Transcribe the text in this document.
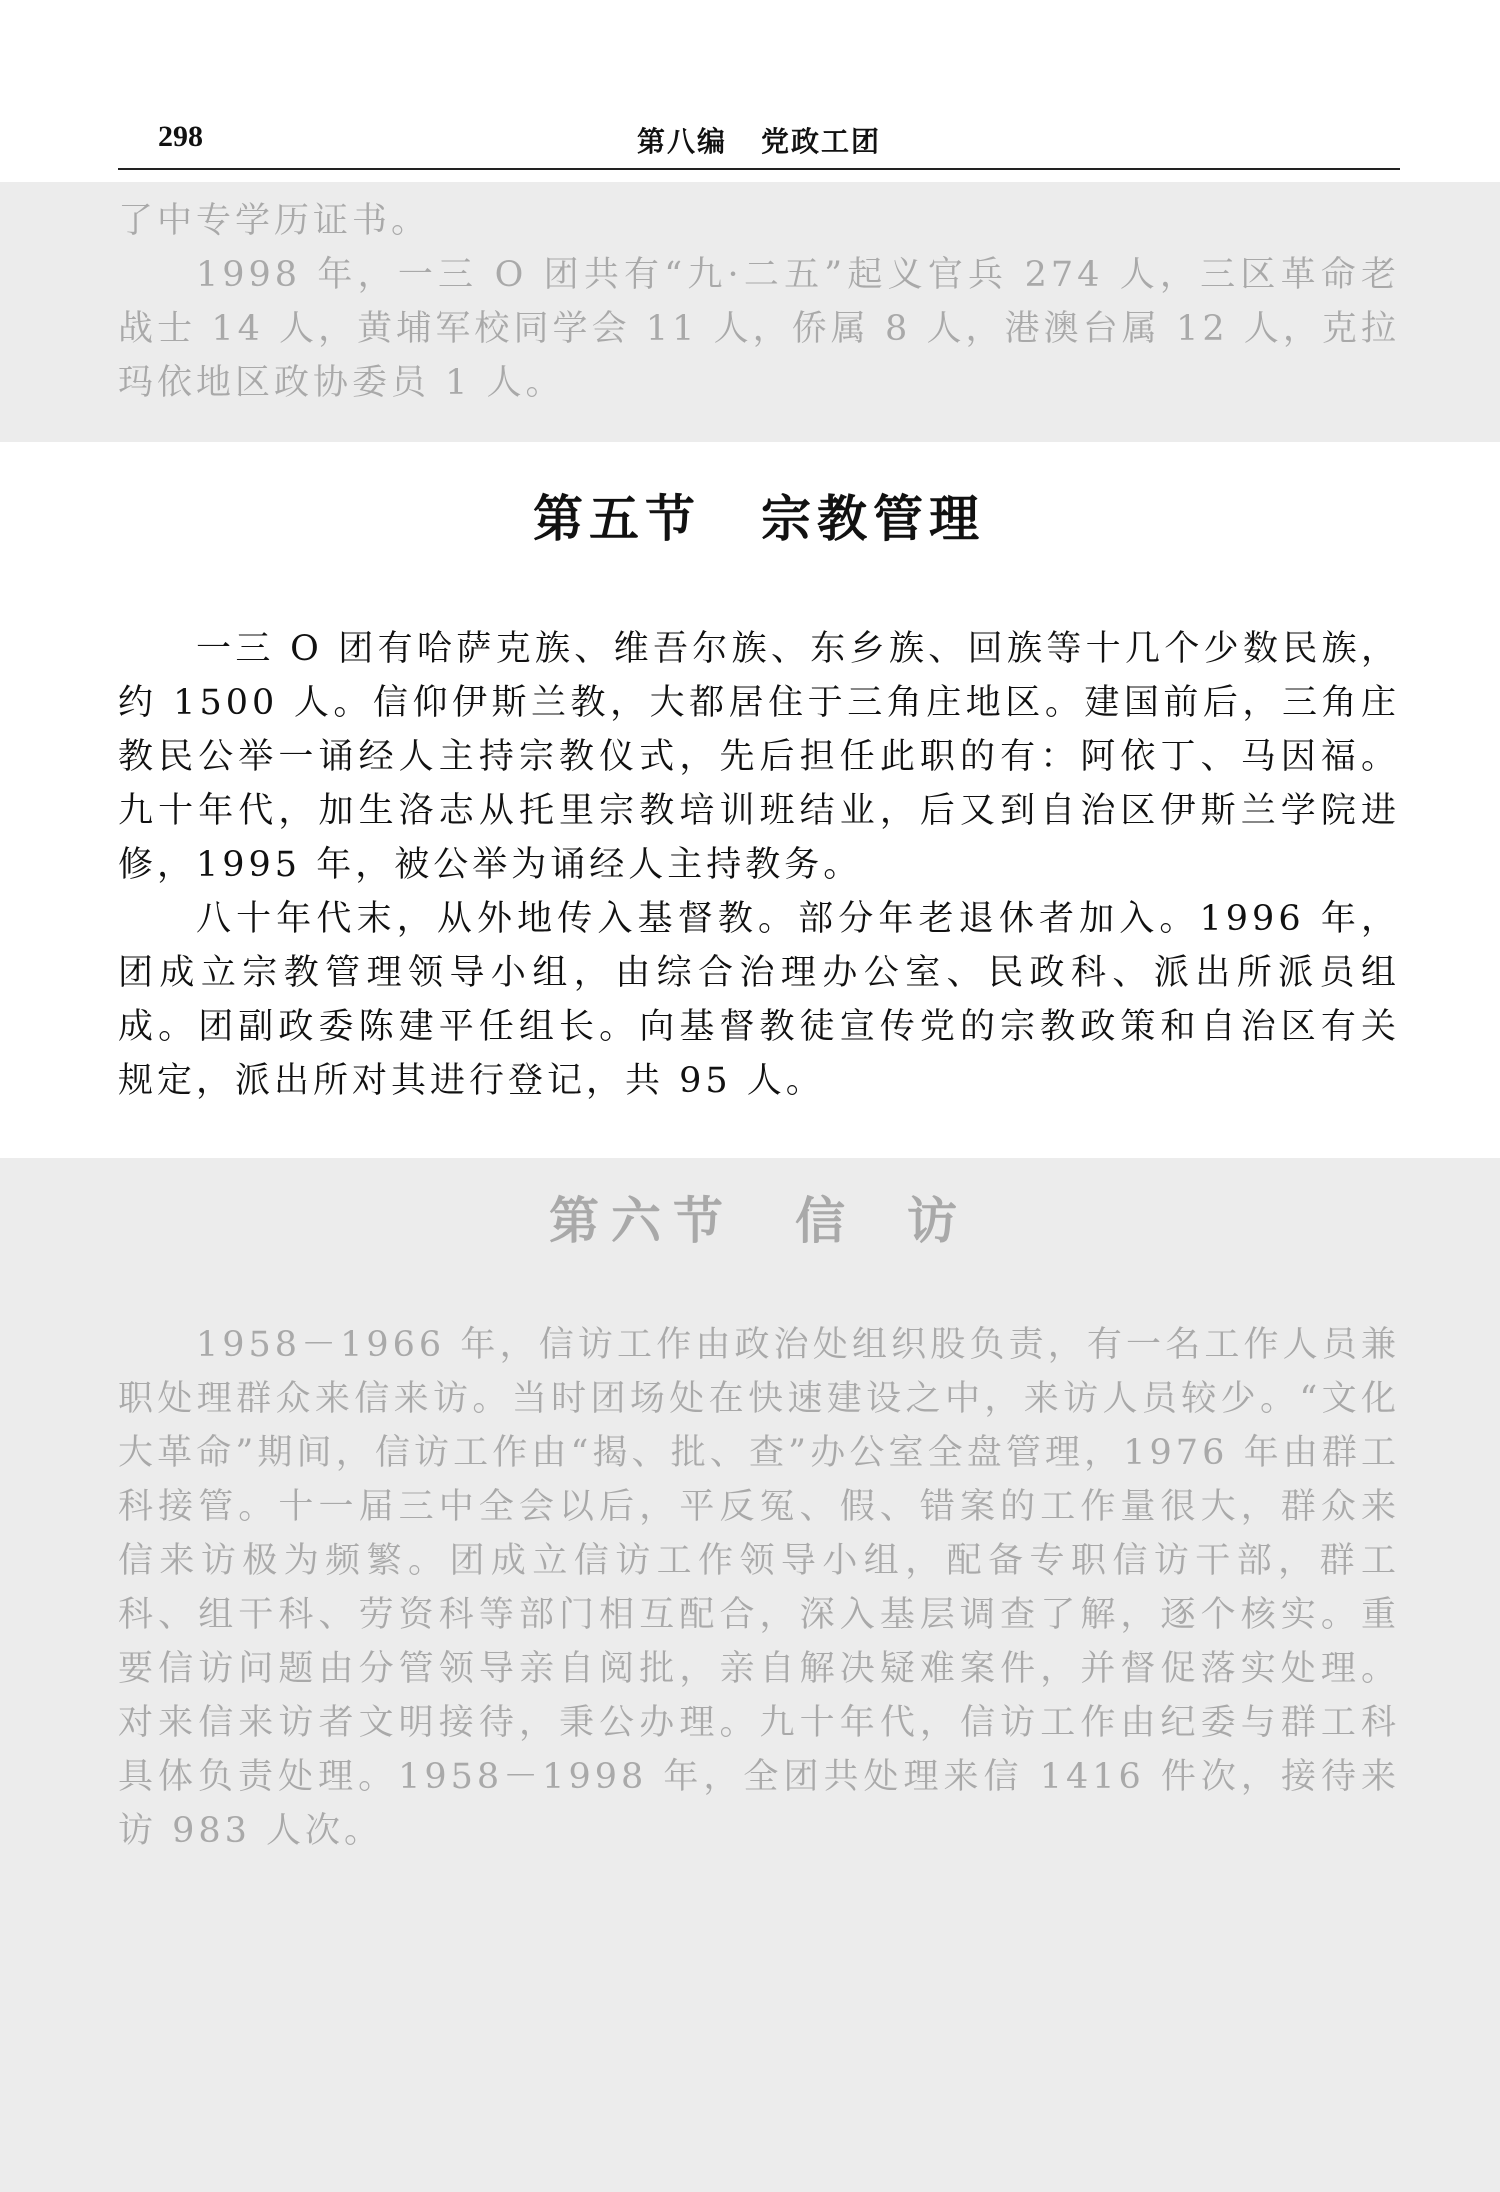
298	第八编 党政工团

了中专学历证书。

1998 年，一三 O 团共有“九·二五”起义官兵 274 人，三区革命老战士 14 人，黄埔军校同学会 11 人，侨属 8 人，港澳台属 12 人，克拉玛依地区政协委员 1 人。

第五节 宗教管理

一三 O 团有哈萨克族、维吾尔族、东乡族、回族等十几个少数民族，约 1500 人。信仰伊斯兰教，大都居住于三角庄地区。建国前后，三角庄教民公举一诵经人主持宗教仪式，先后担任此职的有：阿依丁、马因福。九十年代，加生洛志从托里宗教培训班结业，后又到自治区伊斯兰学院进修，1995 年，被公举为诵经人主持教务。

八十年代末，从外地传入基督教。部分年老退休者加入。1996 年，团成立宗教管理领导小组，由综合治理办公室、民政科、派出所派员组成。团副政委陈建平任组长。向基督教徒宣传党的宗教政策和自治区有关规定，派出所对其进行登记，共 95 人。

第六节 信 访

1958－1966 年，信访工作由政治处组织股负责，有一名工作人员兼职处理群众来信来访。当时团场处在快速建设之中，来访人员较少。“文化大革命”期间，信访工作由“揭、批、查”办公室全盘管理，1976 年由群工科接管。十一届三中全会以后，平反冤、假、错案的工作量很大，群众来信来访极为频繁。团成立信访工作领导小组，配备专职信访干部，群工科、组干科、劳资科等部门相互配合，深入基层调查了解，逐个核实。重要信访问题由分管领导亲自阅批，亲自解决疑难案件，并督促落实处理。对来信来访者文明接待，秉公办理。九十年代，信访工作由纪委与群工科具体负责处理。1958－1998 年，全团共处理来信 1416 件次，接待来访 983 人次。
